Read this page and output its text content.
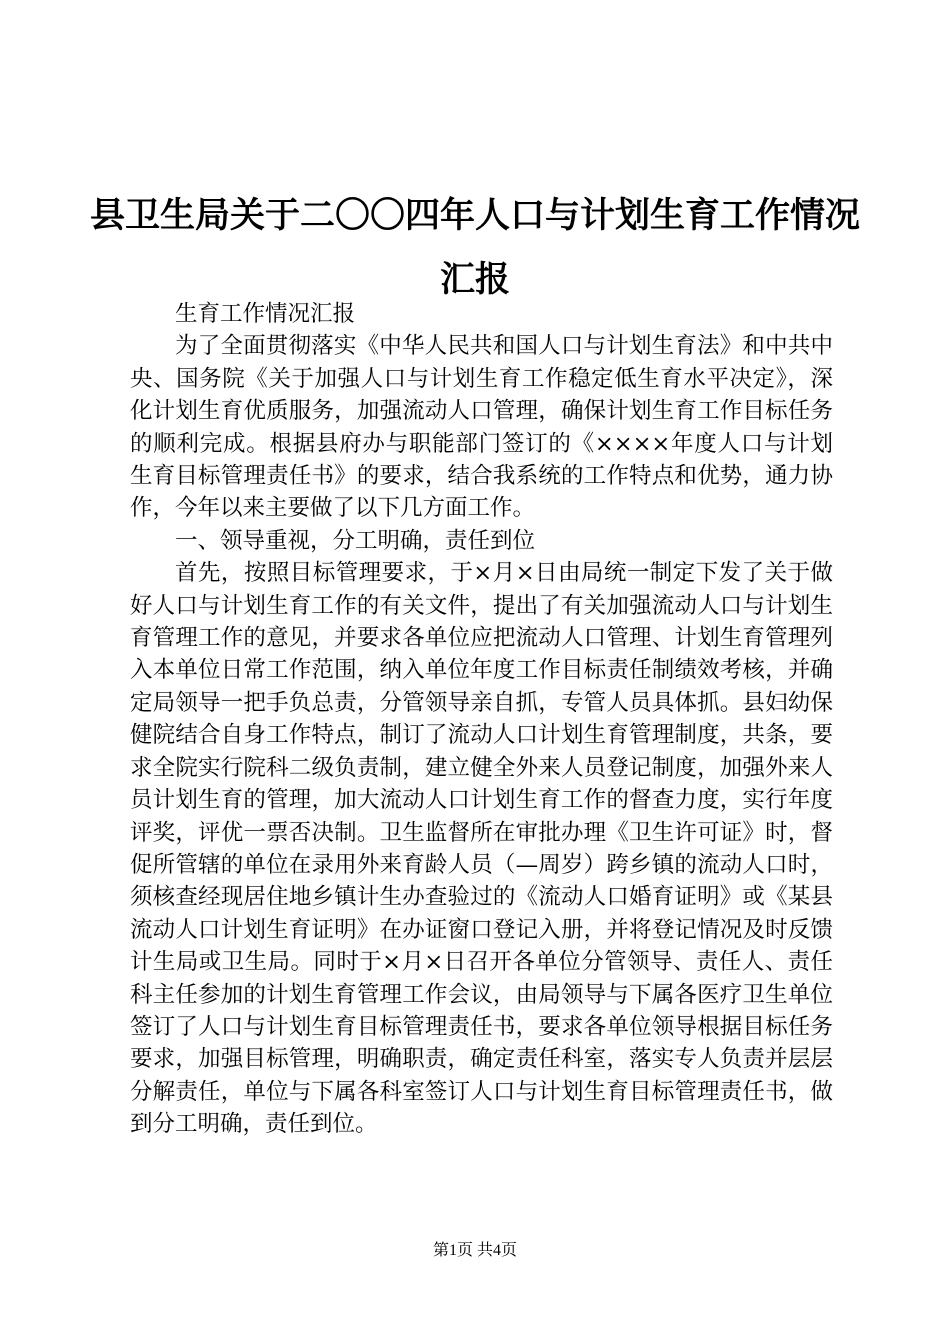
县卫生局关于二〇〇四年人口与计划生育工作情况汇报

生育工作情况汇报

为了全面贯彻落实《中华人民共和国人口与计划生育法》和中共中央、国务院《关于加强人口与计划生育工作稳定低生育水平决定》，深化计划生育优质服务，加强流动人口管理，确保计划生育工作目标任务的顺利完成。根据县府办与职能部门签订的《××××年度人口与计划生育目标管理责任书》的要求，结合我系统的工作特点和优势，通力协作，今年以来主要做了以下几方面工作。

一、领导重视，分工明确，责任到位

首先，按照目标管理要求，于×月×日由局统一制定下发了关于做好人口与计划生育工作的有关文件，提出了有关加强流动人口与计划生育管理工作的意见，并要求各单位应把流动人口管理、计划生育管理列入本单位日常工作范围，纳入单位年度工作目标责任制绩效考核，并确定局领导一把手负总责，分管领导亲自抓，专管人员具体抓。县妇幼保健院结合自身工作特点，制订了流动人口计划生育管理制度，共条，要求全院实行院科二级负责制，建立健全外来人员登记制度，加强外来人员计划生育的管理，加大流动人口计划生育工作的督查力度，实行年度评奖，评优一票否决制。卫生监督所在审批办理《卫生许可证》时，督促所管辖的单位在录用外来育龄人员（—周岁）跨乡镇的流动人口时，须核查经现居住地乡镇计生办查验过的《流动人口婚育证明》或《某县流动人口计划生育证明》在办证窗口登记入册，并将登记情况及时反馈计生局或卫生局。同时于×月×日召开各单位分管领导、责任人、责任科主任参加的计划生育管理工作会议，由局领导与下属各医疗卫生单位签订了人口与计划生育目标管理责任书，要求各单位领导根据目标任务要求，加强目标管理，明确职责，确定责任科室，落实专人负责并层层分解责任，单位与下属各科室签订人口与计划生育目标管理责任书，做到分工明确，责任到位。

第1页 共4页
